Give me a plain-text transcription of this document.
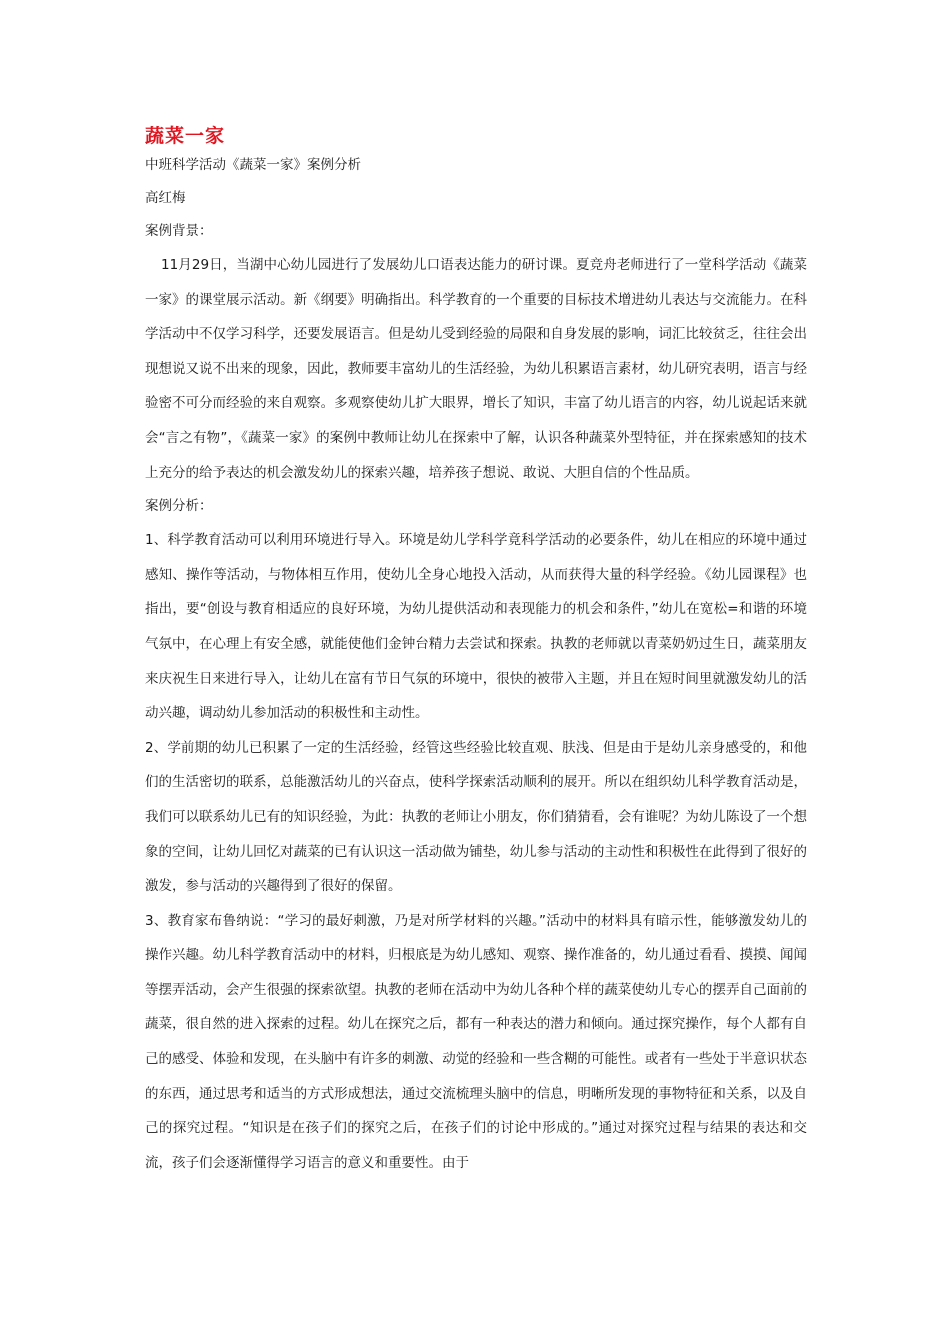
蔬菜一家

中班科学活动《蔬菜一家》案例分析

高红梅

案例背景：

11月29日，当湖中心幼儿园进行了发展幼儿口语表达能力的研讨课。夏竞舟老师进行了一堂科学活动《蔬菜一家》的课堂展示活动。新《纲要》明确指出。科学教育的一个重要的目标技术增进幼儿表达与交流能力。在科学活动中不仅学习科学，还要发展语言。但是幼儿受到经验的局限和自身发展的影响，词汇比较贫乏，往往会出现想说又说不出来的现象，因此，教师要丰富幼儿的生活经验，为幼儿积累语言素材，幼儿研究表明，语言与经验密不可分而经验的来自观察。多观察使幼儿扩大眼界，增长了知识，丰富了幼儿语言的内容，幼儿说起话来就会“言之有物”，《蔬菜一家》的案例中教师让幼儿在探索中了解，认识各种蔬菜外型特征，并在探索感知的技术上充分的给予表达的机会激发幼儿的探索兴趣，培养孩子想说、敢说、大胆自信的个性品质。

案例分析：

1、科学教育活动可以利用环境进行导入。环境是幼儿学科学竟科学活动的必要条件，幼儿在相应的环境中通过感知、操作等活动，与物体相互作用，使幼儿全身心地投入活动，从而获得大量的科学经验。《幼儿园课程》也指出，要“创设与教育相适应的良好环境，为幼儿提供活动和表现能力的机会和条件，”幼儿在宽松=和谐的环境气氛中，在心理上有安全感，就能使他们金钟台精力去尝试和探索。执教的老师就以青菜奶奶过生日，蔬菜朋友来庆祝生日来进行导入，让幼儿在富有节日气氛的环境中，很快的被带入主题，并且在短时间里就激发幼儿的活动兴趣，调动幼儿参加活动的积极性和主动性。

2、学前期的幼儿已积累了一定的生活经验，经管这些经验比较直观、肤浅、但是由于是幼儿亲身感受的，和他们的生活密切的联系，总能激活幼儿的兴奋点，使科学探索活动顺利的展开。所以在组织幼儿科学教育活动是，我们可以联系幼儿已有的知识经验，为此：执教的老师让小朋友，你们猜猜看，会有谁呢？为幼儿陈设了一个想象的空间，让幼儿回忆对蔬菜的已有认识这一活动做为铺垫，幼儿参与活动的主动性和积极性在此得到了很好的激发，参与活动的兴趣得到了很好的保留。

3、教育家布鲁纳说：“学习的最好刺激，乃是对所学材料的兴趣。”活动中的材料具有暗示性，能够激发幼儿的操作兴趣。幼儿科学教育活动中的材料，归根底是为幼儿感知、观察、操作准备的，幼儿通过看看、摸摸、闻闻等摆弄活动，会产生很强的探索欲望。执教的老师在活动中为幼儿各种个样的蔬菜使幼儿专心的摆弄自己面前的蔬菜，很自然的进入探索的过程。幼儿在探究之后，都有一种表达的潜力和倾向。通过探究操作，每个人都有自己的感受、体验和发现，在头脑中有许多的刺激、动觉的经验和一些含糊的可能性。或者有一些处于半意识状态的东西，通过思考和适当的方式形成想法，通过交流梳理头脑中的信息，明晰所发现的事物特征和关系，以及自己的探究过程。“知识是在孩子们的探究之后，在孩子们的讨论中形成的。”通过对探究过程与结果的表达和交流，孩子们会逐渐懂得学习语言的意义和重要性。由于
